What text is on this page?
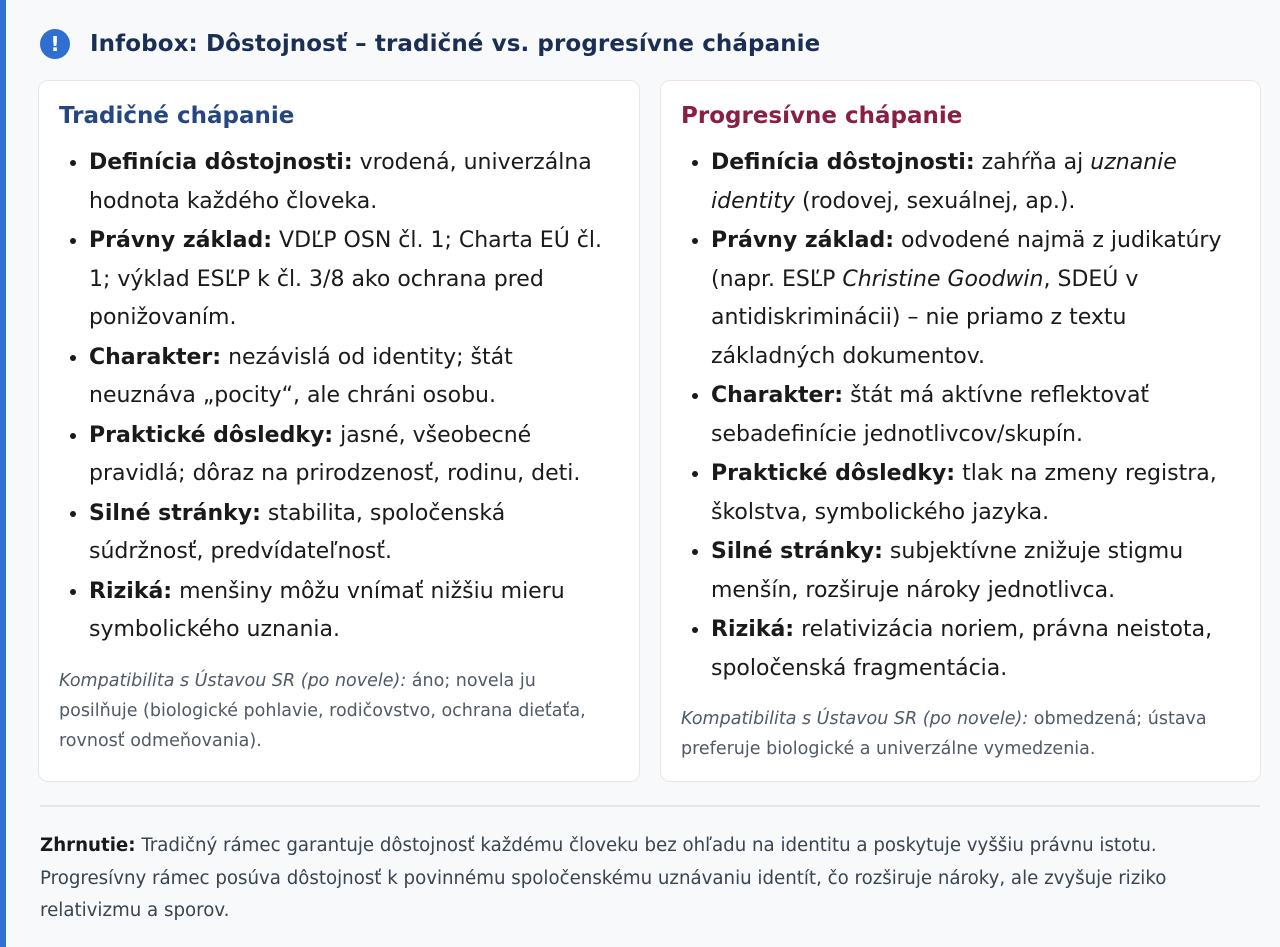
!	Infobox: Dôstojnosť – tradičné vs. progresívne chápanie
Tradičné chápanie
• Definícia dôstojnosti: vrodená, univerzálna hodnota každého človeka.
• Právny základ: VDĽP OSN čl. 1; Charta EÚ čl. 1; výklad ESĽP k čl. 3/8 ako ochrana pred ponižovaním.
• Charakter: nezávislá od identity; štát neuznáva „pocity“, ale chráni osobu.
• Praktické dôsledky: jasné, všeobecné pravidlá; dôraz na prirodzenosť, rodinu, deti.
• Silné stránky: stabilita, spoločenská súdržnosť, predvídateľnosť.
• Riziká: menšiny môžu vnímať nižšiu mieru symbolického uznania.
Kompatibilita s Ústavou SR (po novele): áno; novela ju posilňuje (biologické pohlavie, rodičovstvo, ochrana dieťaťa, rovnosť odmeňovania).
Progresívne chápanie
• Definícia dôstojnosti: zahŕňa aj uznanie identity (rodovej, sexuálnej, ap.).
• Právny základ: odvodené najmä z judikatúry (napr. ESĽP Christine Goodwin, SDEÚ v antidiskriminácii) – nie priamo z textu základných dokumentov.
• Charakter: štát má aktívne reflektovať sebadefinície jednotlivcov/skupín.
• Praktické dôsledky: tlak na zmeny registra, školstva, symbolického jazyka.
• Silné stránky: subjektívne znižuje stigmu menšín, rozširuje nároky jednotlivca.
• Riziká: relativizácia noriem, právna neistota, spoločenská fragmentácia.
Kompatibilita s Ústavou SR (po novele): obmedzená; ústava preferuje biologické a univerzálne vymedzenia.
Zhrnutie: Tradičný rámec garantuje dôstojnosť každému človeku bez ohľadu na identitu a poskytuje vyššiu právnu istotu. Progresívny rámec posúva dôstojnosť k povinnému spoločenskému uznávaniu identít, čo rozširuje nároky, ale zvyšuje riziko relativizmu a sporov.
